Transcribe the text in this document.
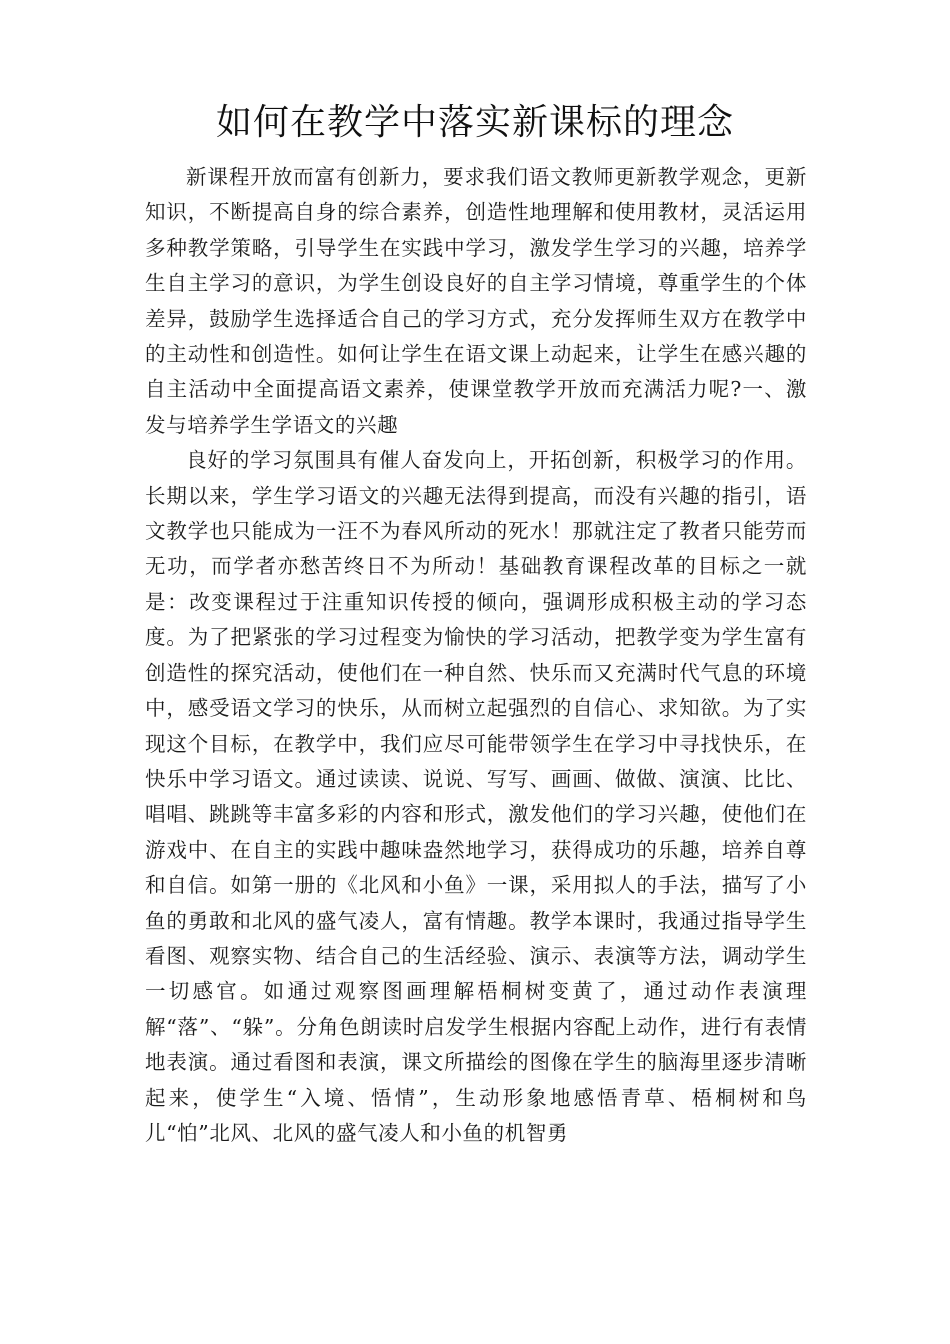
如何在教学中落实新课标的理念

新课程开放而富有创新力，要求我们语文教师更新教学观念，更新知识，不断提高自身的综合素养，创造性地理解和使用教材，灵活运用多种教学策略，引导学生在实践中学习，激发学生学习的兴趣，培养学生自主学习的意识，为学生创设良好的自主学习情境，尊重学生的个体差异，鼓励学生选择适合自己的学习方式，充分发挥师生双方在教学中的主动性和创造性。如何让学生在语文课上动起来，让学生在感兴趣的自主活动中全面提高语文素养，使课堂教学开放而充满活力呢?一、激发与培养学生学语文的兴趣

良好的学习氛围具有催人奋发向上，开拓创新，积极学习的作用。长期以来，学生学习语文的兴趣无法得到提高，而没有兴趣的指引，语文教学也只能成为一汪不为春风所动的死水！那就注定了教者只能劳而无功，而学者亦愁苦终日不为所动！基础教育课程改革的目标之一就是：改变课程过于注重知识传授的倾向，强调形成积极主动的学习态度。为了把紧张的学习过程变为愉快的学习活动，把教学变为学生富有创造性的探究活动，使他们在一种自然、快乐而又充满时代气息的环境中，感受语文学习的快乐，从而树立起强烈的自信心、求知欲。为了实现这个目标，在教学中，我们应尽可能带领学生在学习中寻找快乐，在快乐中学习语文。通过读读、说说、写写、画画、做做、演演、比比、唱唱、跳跳等丰富多彩的内容和形式，激发他们的学习兴趣，使他们在游戏中、在自主的实践中趣味盎然地学习，获得成功的乐趣，培养自尊和自信。如第一册的《北风和小鱼》一课，采用拟人的手法，描写了小鱼的勇敢和北风的盛气凌人，富有情趣。教学本课时，我通过指导学生看图、观察实物、结合自己的生活经验、演示、表演等方法，调动学生一切感官。如通过观察图画理解梧桐树变黄了，通过动作表演理解“落”、“躲”。分角色朗读时启发学生根据内容配上动作，进行有表情地表演。通过看图和表演，课文所描绘的图像在学生的脑海里逐步清晰起来，使学生“入境、悟情”，生动形象地感悟青草、梧桐树和鸟儿“怕”北风、北风的盛气凌人和小鱼的机智勇
